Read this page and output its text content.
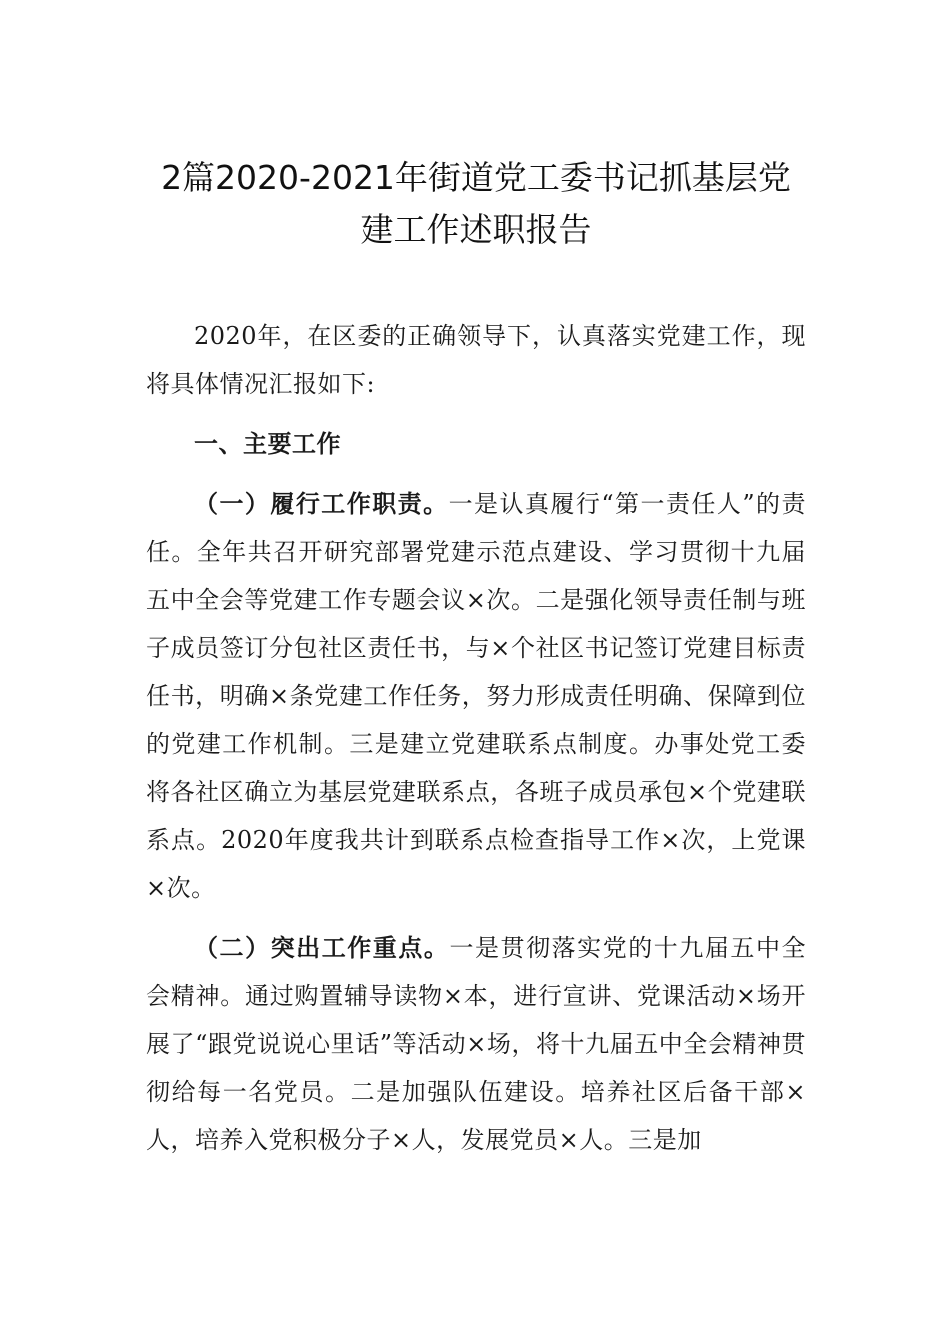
2篇2020-2021年街道党工委书记抓基层党
建工作述职报告

2020年，在区委的正确领导下，认真落实党建工作，现将具体情况汇报如下:

一、主要工作

（一）履行工作职责。一是认真履行“第一责任人”的责任。全年共召开研究部署党建示范点建设、学习贯彻十九届五中全会等党建工作专题会议×次。二是强化领导责任制与班子成员签订分包社区责任书，与×个社区书记签订党建目标责任书，明确×条党建工作任务，努力形成责任明确、保障到位的党建工作机制。三是建立党建联系点制度。办事处党工委将各社区确立为基层党建联系点，各班子成员承包×个党建联系点。2020年度我共计到联系点检查指导工作×次，上党课×次。

（二）突出工作重点。一是贯彻落实党的十九届五中全会精神。通过购置辅导读物×本，进行宣讲、党课活动×场开展了“跟党说说心里话”等活动×场，将十九届五中全会精神贯彻给每一名党员。二是加强队伍建设。培养社区后备干部×人，培养入党积极分子×人，发展党员×人。三是加
